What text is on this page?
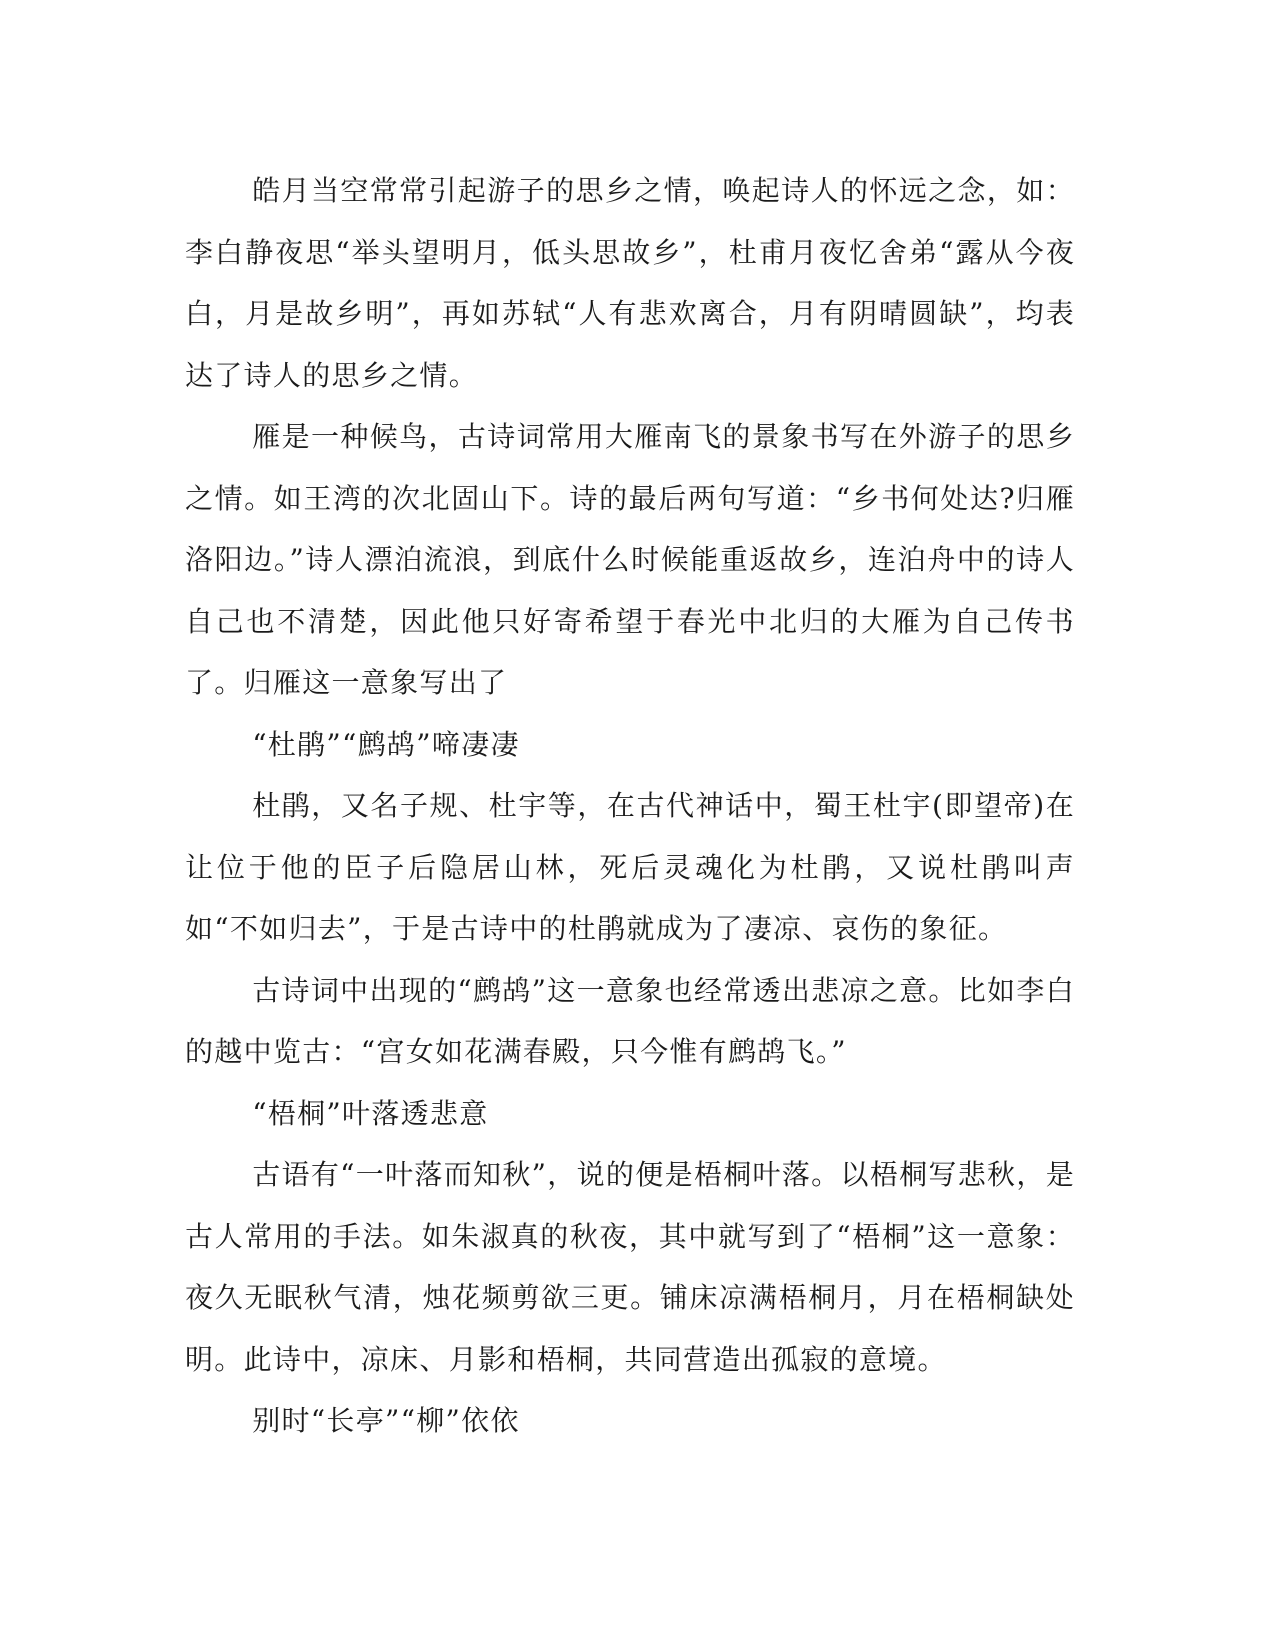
皓月当空常常引起游子的思乡之情，唤起诗人的怀远之念，如：李白静夜思“举头望明月，低头思故乡”，杜甫月夜忆舍弟“露从今夜白，月是故乡明”，再如苏轼“人有悲欢离合，月有阴晴圆缺”，均表达了诗人的思乡之情。

雁是一种候鸟，古诗词常用大雁南飞的景象书写在外游子的思乡之情。如王湾的次北固山下。诗的最后两句写道：“乡书何处达?归雁洛阳边。”诗人漂泊流浪，到底什么时候能重返故乡，连泊舟中的诗人自己也不清楚，因此他只好寄希望于春光中北归的大雁为自己传书了。归雁这一意象写出了

“杜鹃”“鹧鸪”啼凄凄

杜鹃，又名子规、杜宇等，在古代神话中，蜀王杜宇(即望帝)在让位于他的臣子后隐居山林，死后灵魂化为杜鹃，又说杜鹃叫声如“不如归去”，于是古诗中的杜鹃就成为了凄凉、哀伤的象征。

古诗词中出现的“鹧鸪”这一意象也经常透出悲凉之意。比如李白的越中览古：“宫女如花满春殿，只今惟有鹧鸪飞。”

“梧桐”叶落透悲意

古语有“一叶落而知秋”，说的便是梧桐叶落。以梧桐写悲秋，是古人常用的手法。如朱淑真的秋夜，其中就写到了“梧桐”这一意象：夜久无眠秋气清，烛花频剪欲三更。铺床凉满梧桐月，月在梧桐缺处明。此诗中，凉床、月影和梧桐，共同营造出孤寂的意境。

别时“长亭”“柳”依依
